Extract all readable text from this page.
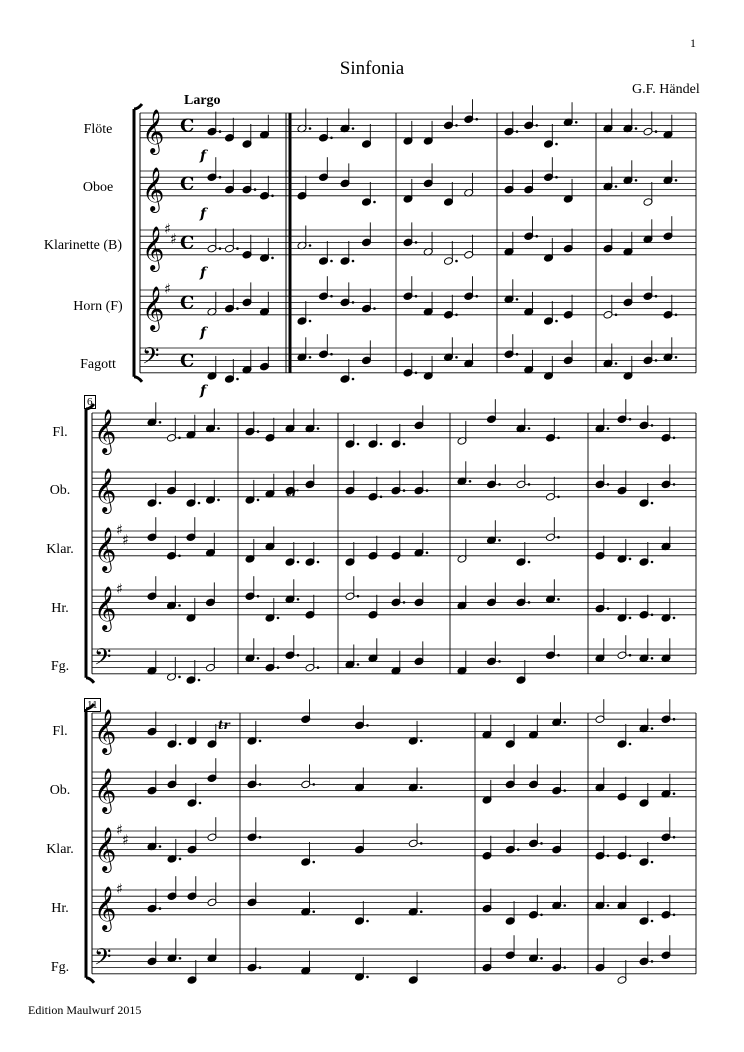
1
Sinfonia
G.F. Händel
Largo
Edition Maulwurf 2015
Flöte
Oboe
Klarinette (B)
Horn (F)
Fagott
6
Fl.
Ob.
Klar.
Hr.
Fg.
11
Fl.
Ob.
Klar.
Hr.
Fg.
𝄞 C
𝄞 C
𝄞 ♯
♯ C
𝄞 ♯
C
𝄢 C
f
f
f
f
f
𝄞
𝄞
𝄞 ♯
♯
𝄞 ♯
𝄢
𝄞
𝄞
𝄞 ♯
♯
𝄞 ♯
𝄢
tr
tr
